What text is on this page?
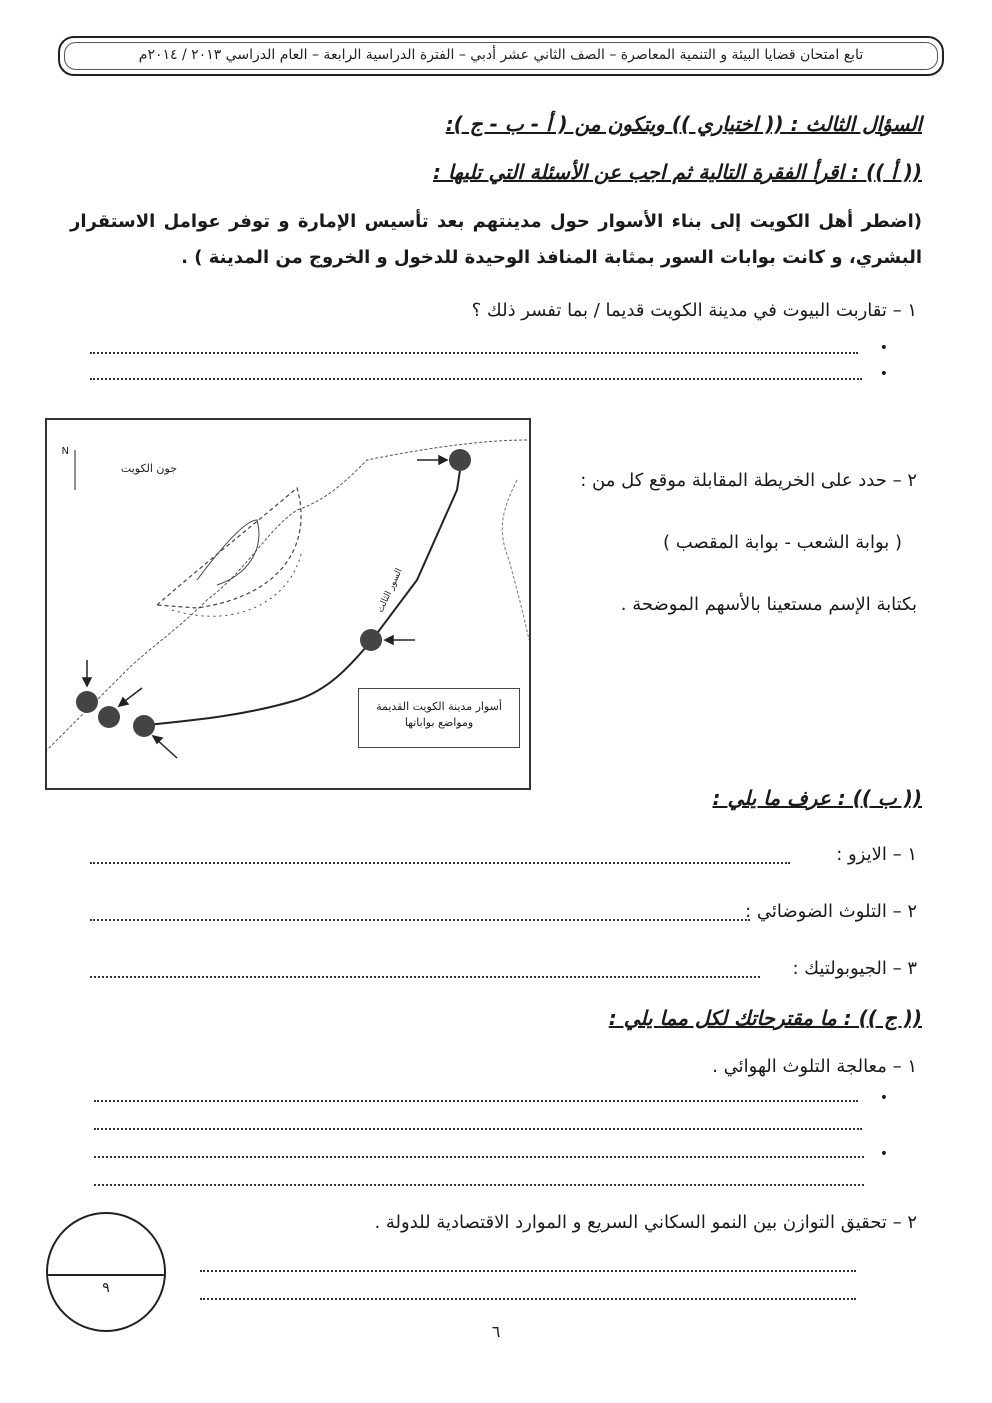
تابع امتحان قضايا البيئة و التنمية المعاصرة – الصف الثاني عشر أدبي – الفترة الدراسية الرابعة – العام الدراسي ٢٠١٣ / ٢٠١٤م
السؤال الثالث : (( اختياري )) ويتكون من ( أ - ب - ج ):
(( أ )) : اقرأ الفقرة التالية ثم اجب عن الأسئلة التي تليها :
(اضطر أهل الكويت إلى بناء الأسوار حول مدينتهم بعد تأسيس الإمارة و توفر عوامل الاستقرار البشري، و كانت بوابات السور بمثابة المنافذ الوحيدة للدخول و الخروج من المدينة ) .
١ – تقاربت البيوت في مدينة الكويت قديما / بما تفسر ذلك ؟
•
•
٢ – حدد على الخريطة المقابلة موقع كل من :
( بوابة الشعب - بوابة المقصب )
بكتابة الإسم مستعينا بالأسهم الموضحة .
N
جون الكويت
السور الثالث
أسوار مدينة الكويت القديمة
ومواضع بواباتها
(( ب )) : عرف ما يلي :
١ – الايزو :
٢ – التلوث الضوضائي :
٣ – الجيوبولتيك :
(( ج )) : ما مقترحاتك لكل مما يلي :
١ – معالجة التلوث الهوائي .
•
•
٢ – تحقيق التوازن بين النمو السكاني السريع و الموارد الاقتصادية للدولة .
٩
٦
